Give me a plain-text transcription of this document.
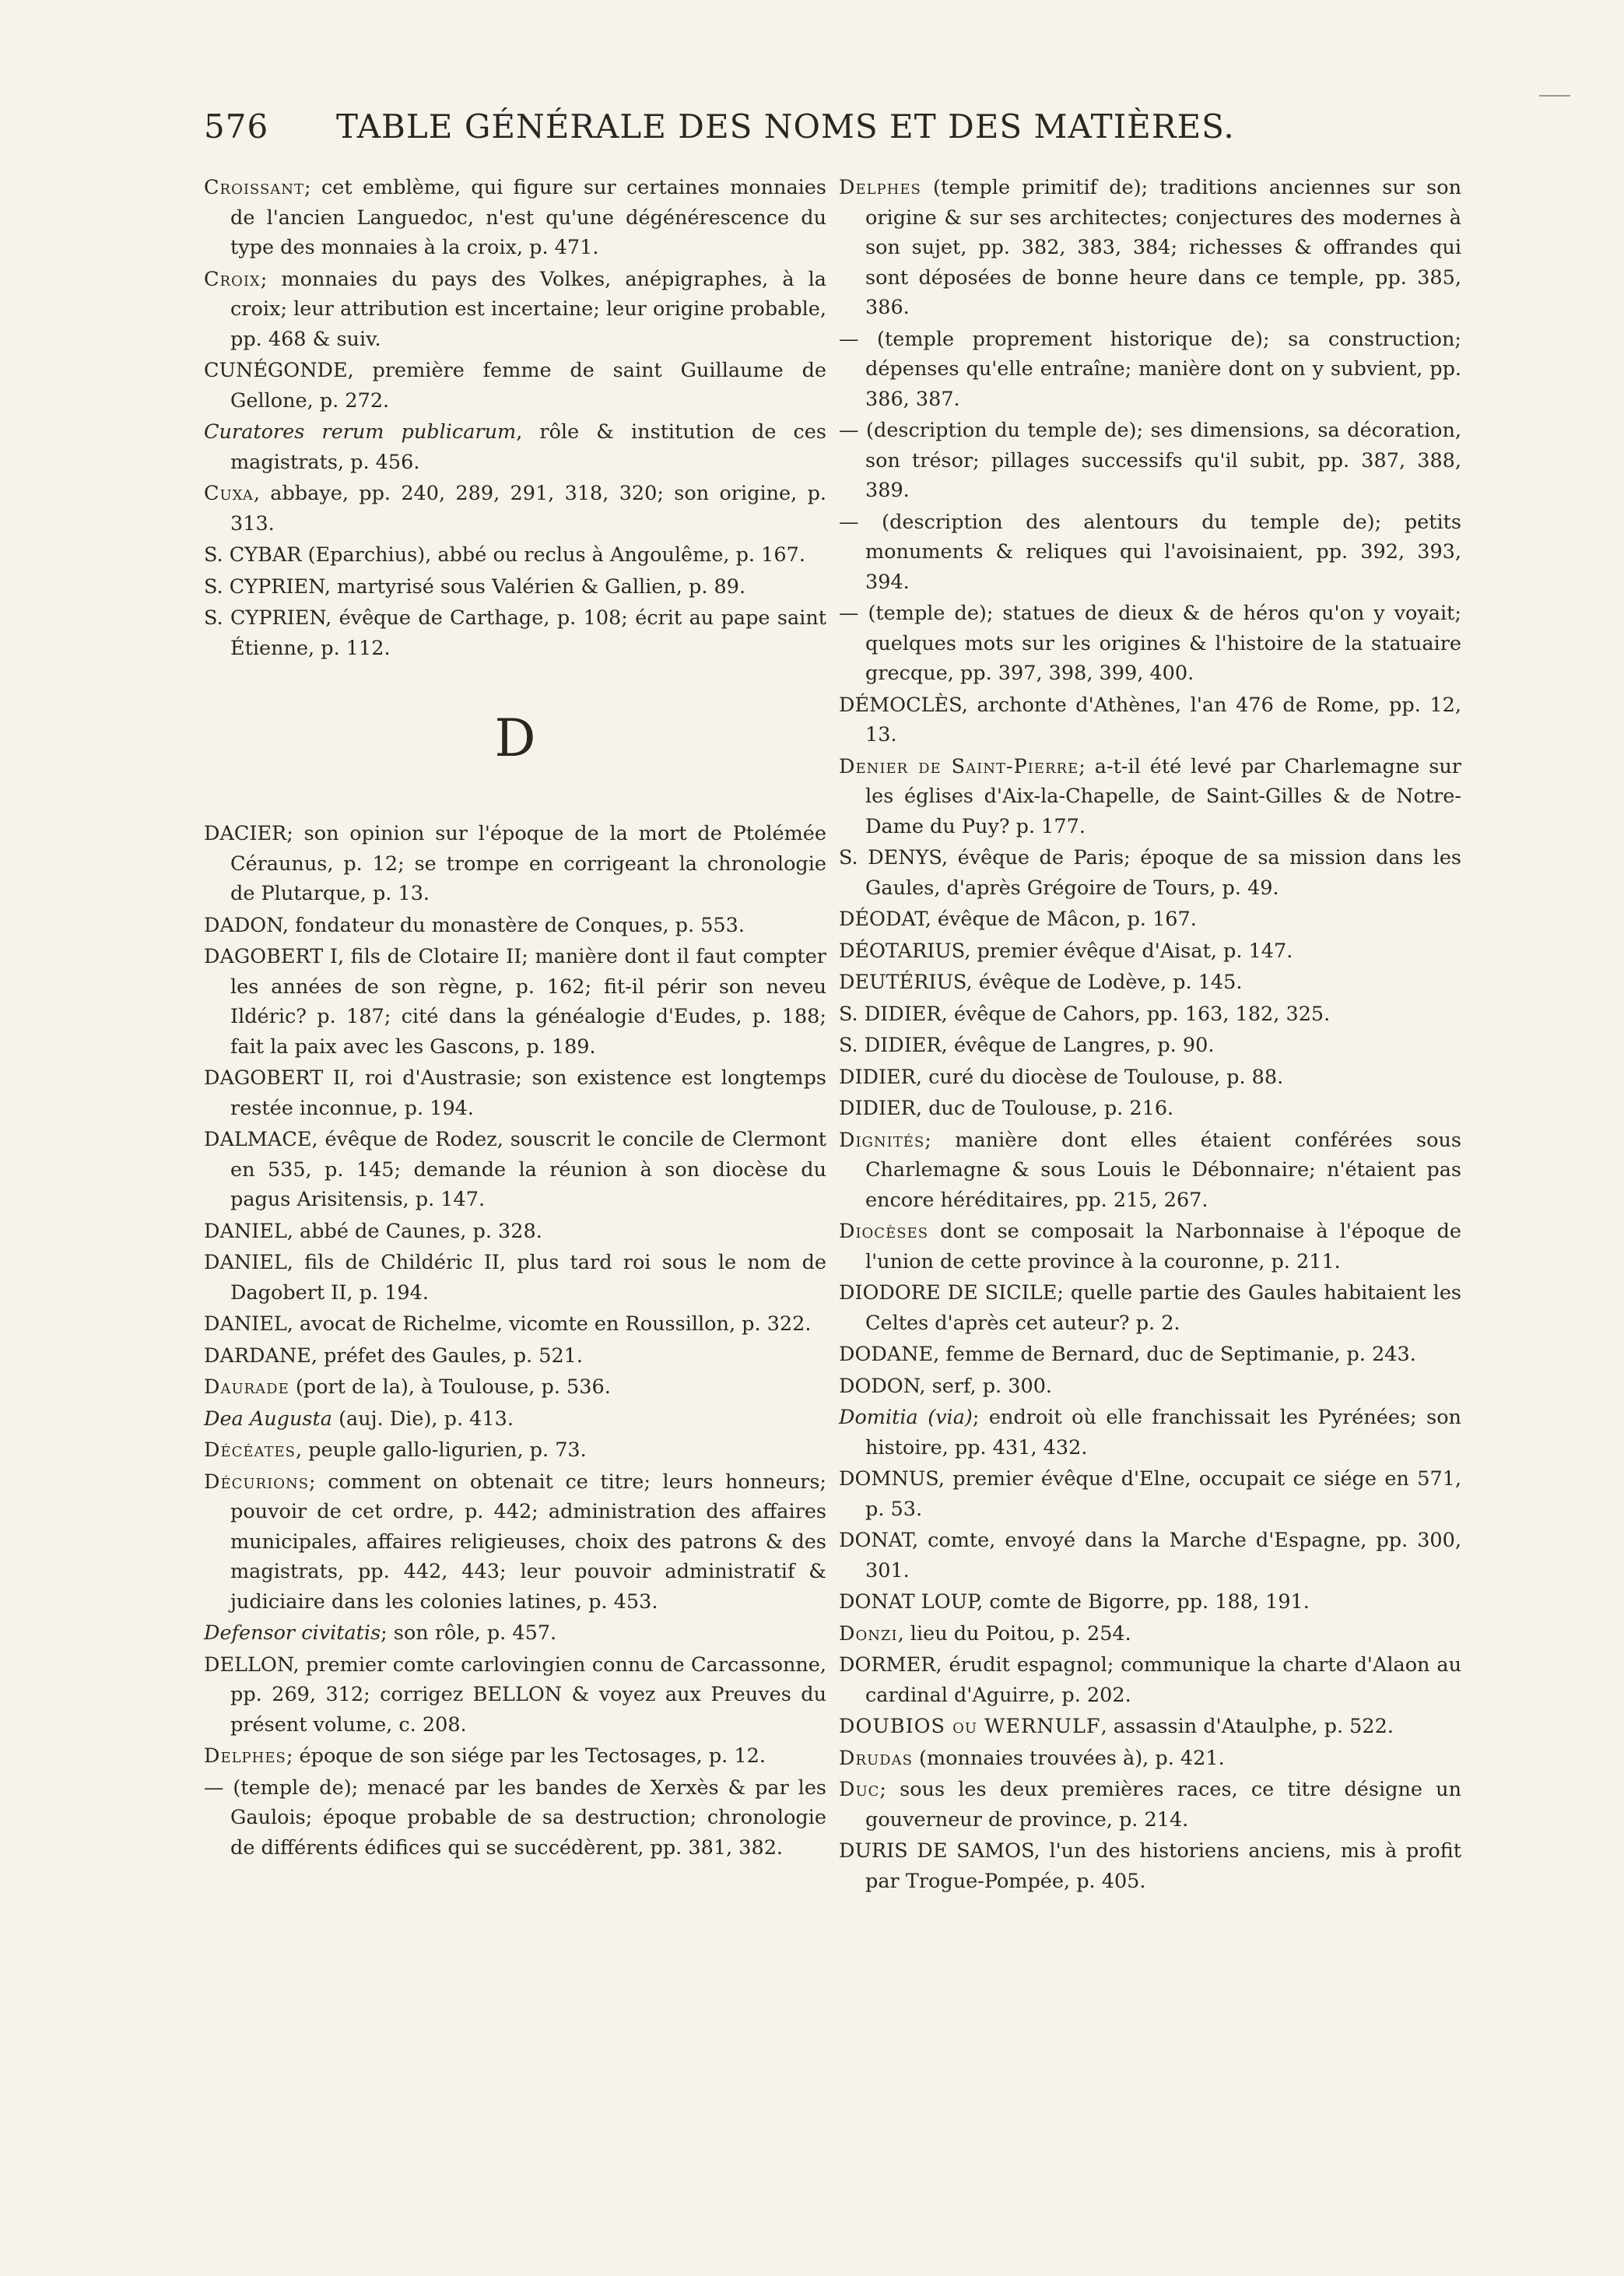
576 TABLE GÉNÉRALE DES NOMS ET DES MATIÈRES.

Croissant; cet emblème, qui figure sur certaines monnaies de l'ancien Languedoc, n'est qu'une dégénérescence du type des monnaies à la croix, p. 471.

Croix; monnaies du pays des Volkes, anépigraphes, à la croix; leur attribution est incertaine; leur origine probable, pp. 468 & suiv.

CUNÉGONDE, première femme de saint Guillaume de Gellone, p. 272.

Curatores rerum publicarum, rôle & institution de ces magistrats, p. 456.

Cuxa, abbaye, pp. 240, 289, 291, 318, 320; son origine, p. 313.

S. CYBAR (Eparchius), abbé ou reclus à Angoulême, p. 167.

S. CYPRIEN, martyrisé sous Valérien & Gallien, p. 89.

S. CYPRIEN, évêque de Carthage, p. 108; écrit au pape saint Étienne, p. 112.

D

DACIER; son opinion sur l'époque de la mort de Ptolémée Céraunus, p. 12; se trompe en corrigeant la chronologie de Plutarque, p. 13.

DADON, fondateur du monastère de Conques, p. 553.

DAGOBERT I, fils de Clotaire II; manière dont il faut compter les années de son règne, p. 162; fit-il périr son neveu Ildéric? p. 187; cité dans la généalogie d'Eudes, p. 188; fait la paix avec les Gascons, p. 189.

DAGOBERT II, roi d'Austrasie; son existence est longtemps restée inconnue, p. 194.

DALMACE, évêque de Rodez, souscrit le concile de Clermont en 535, p. 145; demande la réunion à son diocèse du pagus Arisitensis, p. 147.

DANIEL, abbé de Caunes, p. 328.

DANIEL, fils de Childéric II, plus tard roi sous le nom de Dagobert II, p. 194.

DANIEL, avocat de Richelme, vicomte en Roussillon, p. 322.

DARDANE, préfet des Gaules, p. 521.

Daurade (port de la), à Toulouse, p. 536.

Dea Augusta (auj. Die), p. 413.

Décéates, peuple gallo-ligurien, p. 73.

Décurions; comment on obtenait ce titre; leurs honneurs; pouvoir de cet ordre, p. 442; administration des affaires municipales, affaires religieuses, choix des patrons & des magistrats, pp. 442, 443; leur pouvoir administratif & judiciaire dans les colonies latines, p. 453.

Defensor civitatis; son rôle, p. 457.

DELLON, premier comte carlovingien connu de Carcassonne, pp. 269, 312; corrigez BELLON & voyez aux Preuves du présent volume, c. 208.

Delphes; époque de son siége par les Tectosages, p. 12.

— (temple de); menacé par les bandes de Xerxès & par les Gaulois; époque probable de sa destruction; chronologie de différents édifices qui se succédèrent, pp. 381, 382.

Delphes (temple primitif de); traditions anciennes sur son origine & sur ses architectes; conjectures des modernes à son sujet, pp. 382, 383, 384; richesses & offrandes qui sont déposées de bonne heure dans ce temple, pp. 385, 386.

— (temple proprement historique de); sa construction; dépenses qu'elle entraîne; manière dont on y subvient, pp. 386, 387.

— (description du temple de); ses dimensions, sa décoration, son trésor; pillages successifs qu'il subit, pp. 387, 388, 389.

— (description des alentours du temple de); petits monuments & reliques qui l'avoisinaient, pp. 392, 393, 394.

— (temple de); statues de dieux & de héros qu'on y voyait; quelques mots sur les origines & l'histoire de la statuaire grecque, pp. 397, 398, 399, 400.

DÉMOCLÈS, archonte d'Athènes, l'an 476 de Rome, pp. 12, 13.

Denier de Saint-Pierre; a-t-il été levé par Charlemagne sur les églises d'Aix-la-Chapelle, de Saint-Gilles & de Notre-Dame du Puy? p. 177.

S. DENYS, évêque de Paris; époque de sa mission dans les Gaules, d'après Grégoire de Tours, p. 49.

DÉODAT, évêque de Mâcon, p. 167.

DÉOTARIUS, premier évêque d'Aisat, p. 147.

DEUTÉRIUS, évêque de Lodève, p. 145.

S. DIDIER, évêque de Cahors, pp. 163, 182, 325.

S. DIDIER, évêque de Langres, p. 90.

DIDIER, curé du diocèse de Toulouse, p. 88.

DIDIER, duc de Toulouse, p. 216.

Dignités; manière dont elles étaient conférées sous Charlemagne & sous Louis le Débonnaire; n'étaient pas encore héréditaires, pp. 215, 267.

Diocèses dont se composait la Narbonnaise à l'époque de l'union de cette province à la couronne, p. 211.

DIODORE DE SICILE; quelle partie des Gaules habitaient les Celtes d'après cet auteur? p. 2.

DODANE, femme de Bernard, duc de Septimanie, p. 243.

DODON, serf, p. 300.

Domitia (via); endroit où elle franchissait les Pyrénées; son histoire, pp. 431, 432.

DOMNUS, premier évêque d'Elne, occupait ce siége en 571, p. 53.

DONAT, comte, envoyé dans la Marche d'Espagne, pp. 300, 301.

DONAT LOUP, comte de Bigorre, pp. 188, 191.

Donzi, lieu du Poitou, p. 254.

DORMER, érudit espagnol; communique la charte d'Alaon au cardinal d'Aguirre, p. 202.

DOUBIOS ou WERNULF, assassin d'Ataulphe, p. 522.

Drudas (monnaies trouvées à), p. 421.

Duc; sous les deux premières races, ce titre désigne un gouverneur de province, p. 214.

DURIS DE SAMOS, l'un des historiens anciens, mis à profit par Trogue-Pompée, p. 405.
